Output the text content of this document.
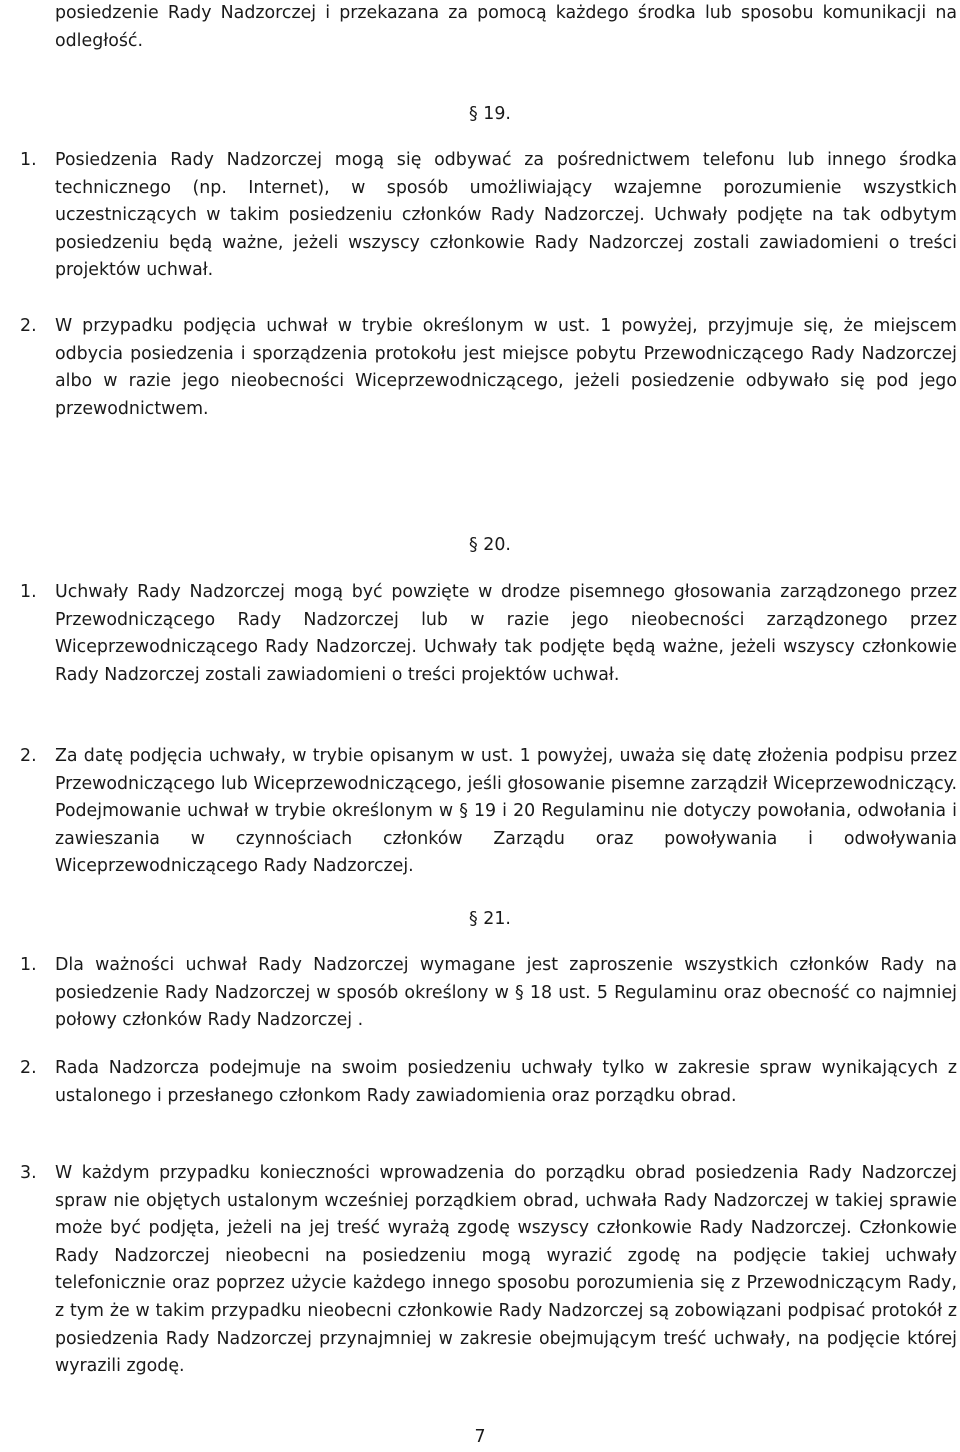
posiedzenie Rady Nadzorczej i przekazana za pomocą każdego środka lub sposobu komunikacji na odległość.
§ 19.
1.	Posiedzenia Rady Nadzorczej mogą się odbywać za pośrednictwem telefonu lub innego środka technicznego (np. Internet), w sposób umożliwiający wzajemne porozumienie wszystkich uczestniczących w takim posiedzeniu członków Rady Nadzorczej. Uchwały podjęte na tak odbytym posiedzeniu będą ważne, jeżeli wszyscy członkowie Rady Nadzorczej zostali zawiadomieni o treści projektów uchwał.
2.	W przypadku podjęcia uchwał w trybie określonym w ust. 1 powyżej, przyjmuje się, że miejscem odbycia posiedzenia i sporządzenia protokołu jest miejsce pobytu Przewodniczącego Rady Nadzorczej albo w razie jego nieobecności Wiceprzewodniczącego, jeżeli posiedzenie odbywało się pod jego przewodnictwem.
§ 20.
1.	Uchwały Rady Nadzorczej mogą być powzięte w drodze pisemnego głosowania zarządzonego przez Przewodniczącego Rady Nadzorczej lub w razie jego nieobecności zarządzonego przez Wiceprzewodniczącego Rady Nadzorczej. Uchwały tak podjęte będą ważne, jeżeli wszyscy członkowie Rady Nadzorczej zostali zawiadomieni o treści projektów uchwał.
2.	Za datę podjęcia uchwały, w trybie opisanym w ust. 1 powyżej, uważa się datę złożenia podpisu przez Przewodniczącego lub Wiceprzewodniczącego, jeśli głosowanie pisemne zarządził Wiceprzewodniczący. Podejmowanie uchwał w trybie określonym w § 19 i 20 Regulaminu nie dotyczy powołania, odwołania i zawieszania w czynnościach członków Zarządu oraz powoływania i odwoływania Wiceprzewodniczącego Rady Nadzorczej.
§ 21.
1.	Dla ważności uchwał Rady Nadzorczej wymagane jest zaproszenie wszystkich członków Rady na posiedzenie Rady Nadzorczej w sposób określony w § 18 ust. 5 Regulaminu oraz obecność co najmniej połowy członków Rady Nadzorczej .
2.	Rada Nadzorcza podejmuje na swoim posiedzeniu uchwały tylko w zakresie spraw wynikających z ustalonego i przesłanego członkom Rady zawiadomienia oraz porządku obrad.
3.	W każdym przypadku konieczności wprowadzenia do porządku obrad posiedzenia Rady Nadzorczej spraw nie objętych ustalonym wcześniej porządkiem obrad, uchwała Rady Nadzorczej w takiej sprawie może być podjęta, jeżeli na jej treść wyrażą zgodę wszyscy członkowie Rady Nadzorczej. Członkowie Rady Nadzorczej nieobecni na posiedzeniu mogą wyrazić zgodę na podjęcie takiej uchwały telefonicznie oraz poprzez użycie każdego innego sposobu porozumienia się z Przewodniczącym Rady, z tym że w takim przypadku nieobecni członkowie Rady Nadzorczej są zobowiązani podpisać protokół z posiedzenia Rady Nadzorczej przynajmniej w zakresie obejmującym treść uchwały, na podjęcie której wyrazili zgodę.
7
